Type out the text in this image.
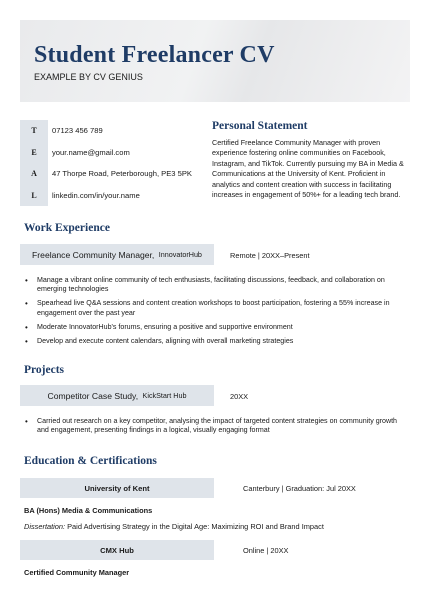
Student Freelancer CV
EXAMPLE BY CV GENIUS
T	07123 456 789
E	your.name@gmail.com
A	47 Thorpe Road, Peterborough, PE3 5PK
L	linkedin.com/in/your.name
Personal Statement

Certified Freelance Community Manager with proven experience fostering online communities on Facebook, Instagram, and TikTok. Currently pursuing my BA in Media & Communications at the University of Kent. Proficient in analytics and content creation with success in facilitating increases in engagement of 50%+ for a leading tech brand.

Work Experience
Freelance Community Manager,
InnovatorHub	Remote | 20XX–Present
• Manage a vibrant online community of tech enthusiasts, facilitating discussions, feedback, and collaboration on emerging technologies
• Spearhead live Q&A sessions and content creation workshops to boost participation, fostering a 55% increase in engagement over the past year
• Moderate InnovatorHub's forums, ensuring a positive and supportive environment
• Develop and execute content calendars, aligning with overall marketing strategies
Projects
Competitor Case Study,
KickStart Hub	20XX
• Carried out research on a key competitor, analysing the impact of targeted content strategies on community growth and engagement, presenting findings in a logical, visually engaging format
Education & Certifications
University of Kent	Canterbury | Graduation: Jul 20XX
BA (Hons) Media & Communications
Dissertation: Paid Advertising Strategy in the Digital Age: Maximizing ROI and Brand Impact
CMX Hub	Online | 20XX
Certified Community Manager
